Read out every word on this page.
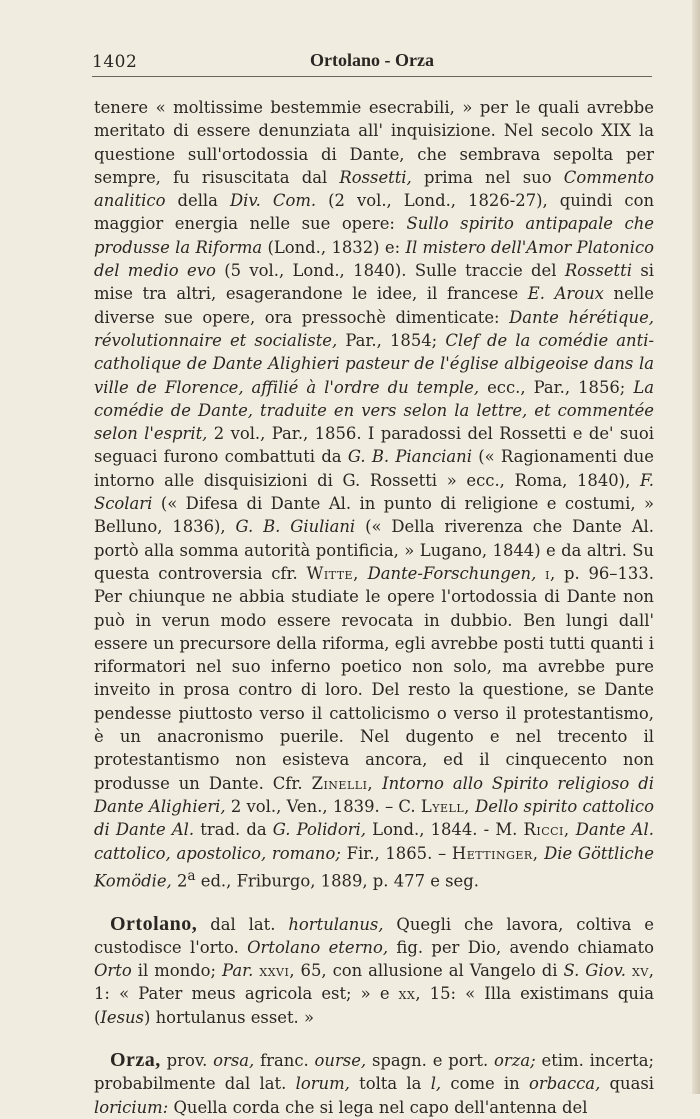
1402	Ortolano - Orza

tenere « moltissime bestemmie esecrabili, » per le quali avrebbe meritato di essere denunziata all' inquisizione. Nel secolo XIX la questione sull'ortodossia di Dante, che sembrava sepolta per sempre, fu risuscitata dal Rossetti, prima nel suo Commento analitico della Div. Com. (2 vol., Lond., 1826-27), quindi con maggior energia nelle sue opere: Sullo spirito antipapale che produsse la Riforma (Lond., 1832) e: Il mistero dell'Amor Platonico del medio evo (5 vol., Lond., 1840). Sulle traccie del Rossetti si mise tra altri, esagerandone le idee, il francese E. Aroux nelle diverse sue opere, ora pressochè dimenticate: Dante hérétique, révolutionnaire et socialiste, Par., 1854; Clef de la comédie anti-catholique de Dante Alighieri pasteur de l'église albigeoise dans la ville de Florence, affilié à l'ordre du temple, ecc., Par., 1856; La comédie de Dante, traduite en vers selon la lettre, et commentée selon l'esprit, 2 vol., Par., 1856. I paradossi del Rossetti e de' suoi seguaci furono combattuti da G. B. Pianciani (« Ragionamenti due intorno alle disquisizioni di G. Rossetti » ecc., Roma, 1840), F. Scolari (« Difesa di Dante Al. in punto di religione e costumi, » Belluno, 1836), G. B. Giuliani (« Della riverenza che Dante Al. portò alla somma autorità pontificia, » Lugano, 1844) e da altri. Su questa controversia cfr. Witte, Dante-Forschungen, i, p. 96–133. Per chiunque ne abbia studiate le opere l'ortodossia di Dante non può in verun modo essere revocata in dubbio. Ben lungi dall' essere un precursore della riforma, egli avrebbe posti tutti quanti i riformatori nel suo inferno poetico non solo, ma avrebbe pure inveito in prosa contro di loro. Del resto la questione, se Dante pendesse piuttosto verso il cattolicismo o verso il protestantismo, è un anacronismo puerile. Nel dugento e nel trecento il protestantismo non esisteva ancora, ed il cinquecento non produsse un Dante. Cfr. Zinelli, Intorno allo Spirito religioso di Dante Alighieri, 2 vol., Ven., 1839. – C. Lyell, Dello spirito cattolico di Dante Al. trad. da G. Polidori, Lond., 1844. - M. Ricci, Dante Al. cattolico, apostolico, romano; Fir., 1865. – Hettinger, Die Göttliche Komödie, 2$^a$ ed., Friburgo, 1889, p. 477 e seg.

Ortolano, dal lat. hortulanus, Quegli che lavora, coltiva e custodisce l'orto. Ortolano eterno, fig. per Dio, avendo chiamato Orto il mondo; Par. xxvi, 65, con allusione al Vangelo di S. Giov. xv, 1: « Pater meus agricola est; » e xx, 15: « Illa existimans quia (Iesus) hortulanus esset. »

Orza, prov. orsa, franc. ourse, spagn. e port. orza; etim. incerta; probabilmente dal lat. lorum, tolta la l, come in orbacca, quasi loricium: Quella corda che si lega nel capo dell'antenna del
